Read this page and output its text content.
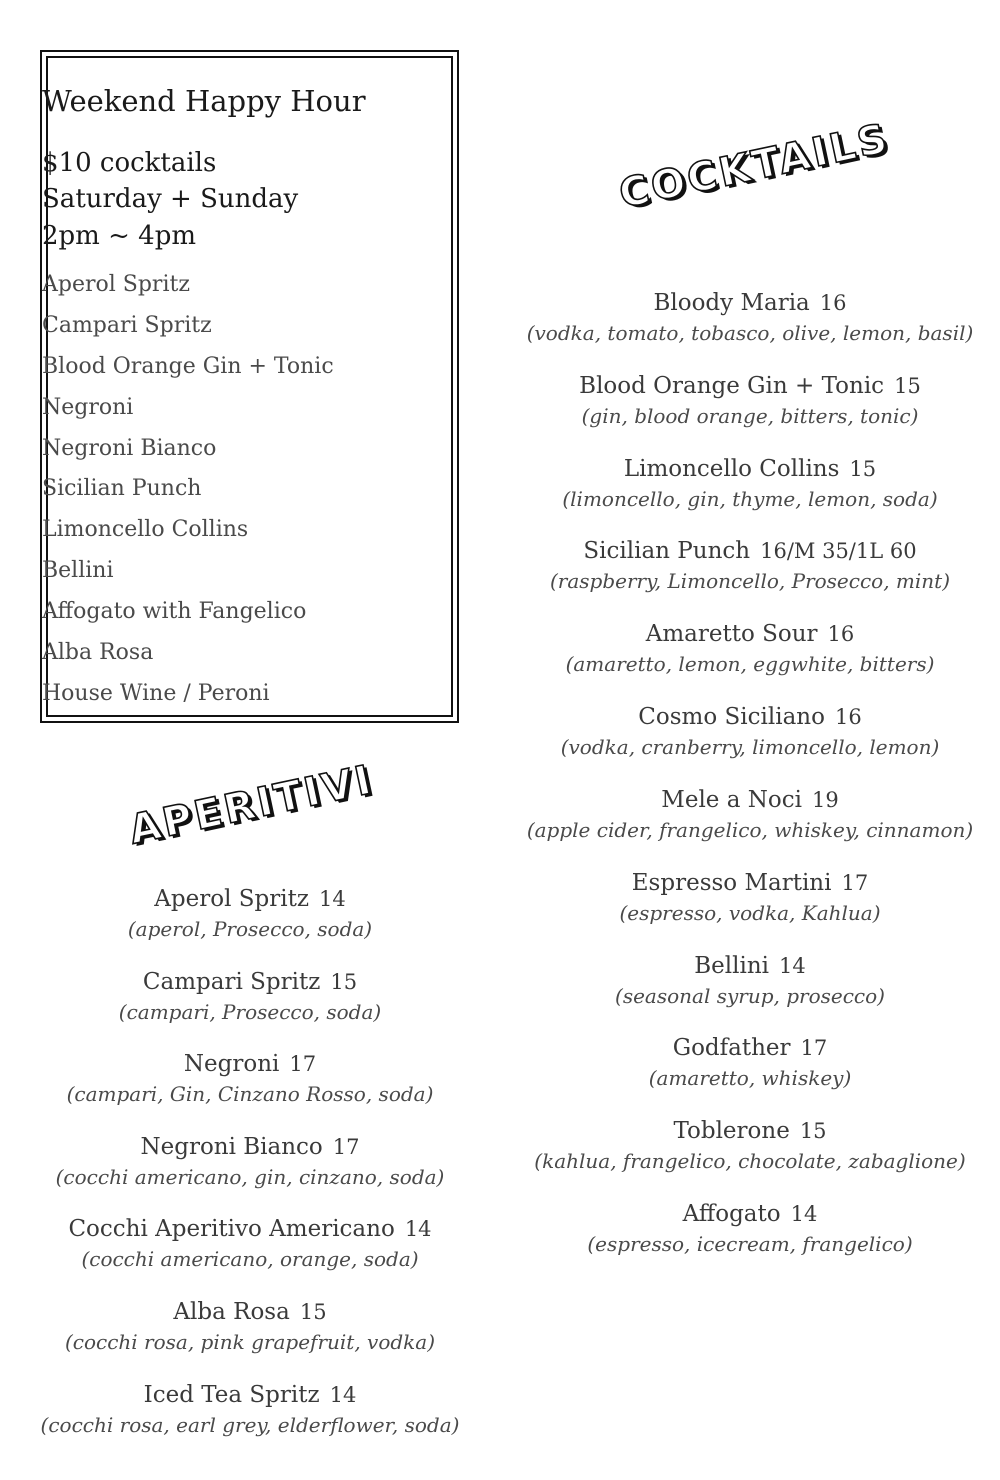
Weekend Happy Hour
$10 cocktails
Saturday + Sunday
2pm ~ 4pm
Aperol Spritz
Campari Spritz
Blood Orange Gin + Tonic
Negroni
Negroni Bianco
Sicilian Punch
Limoncello Collins
Bellini
Affogato with Fangelico
Alba Rosa
House Wine / Peroni
COCKTAILS
APERITIVI
Bloody Maria 16
(vodka, tomato, tobasco, olive, lemon, basil)
Blood Orange Gin + Tonic 15
(gin, blood orange, bitters, tonic)
Limoncello Collins 15
(limoncello, gin, thyme, lemon, soda)
Sicilian Punch 16/M 35/1L 60
(raspberry, Limoncello, Prosecco, mint)
Amaretto Sour 16
(amaretto, lemon, eggwhite, bitters)
Cosmo Siciliano 16
(vodka, cranberry, limoncello, lemon)
Mele a Noci 19
(apple cider, frangelico, whiskey, cinnamon)
Espresso Martini 17
(espresso, vodka, Kahlua)
Bellini 14
(seasonal syrup, prosecco)
Godfather 17
(amaretto, whiskey)
Toblerone 15
(kahlua, frangelico, chocolate, zabaglione)
Affogato 14
(espresso, icecream, frangelico)
Aperol Spritz 14
(aperol, Prosecco, soda)
Campari Spritz 15
(campari, Prosecco, soda)
Negroni 17
(campari, Gin, Cinzano Rosso, soda)
Negroni Bianco 17
(cocchi americano, gin, cinzano, soda)
Cocchi Aperitivo Americano 14
(cocchi americano, orange, soda)
Alba Rosa 15
(cocchi rosa, pink grapefruit, vodka)
Iced Tea Spritz 14
(cocchi rosa, earl grey, elderflower, soda)
